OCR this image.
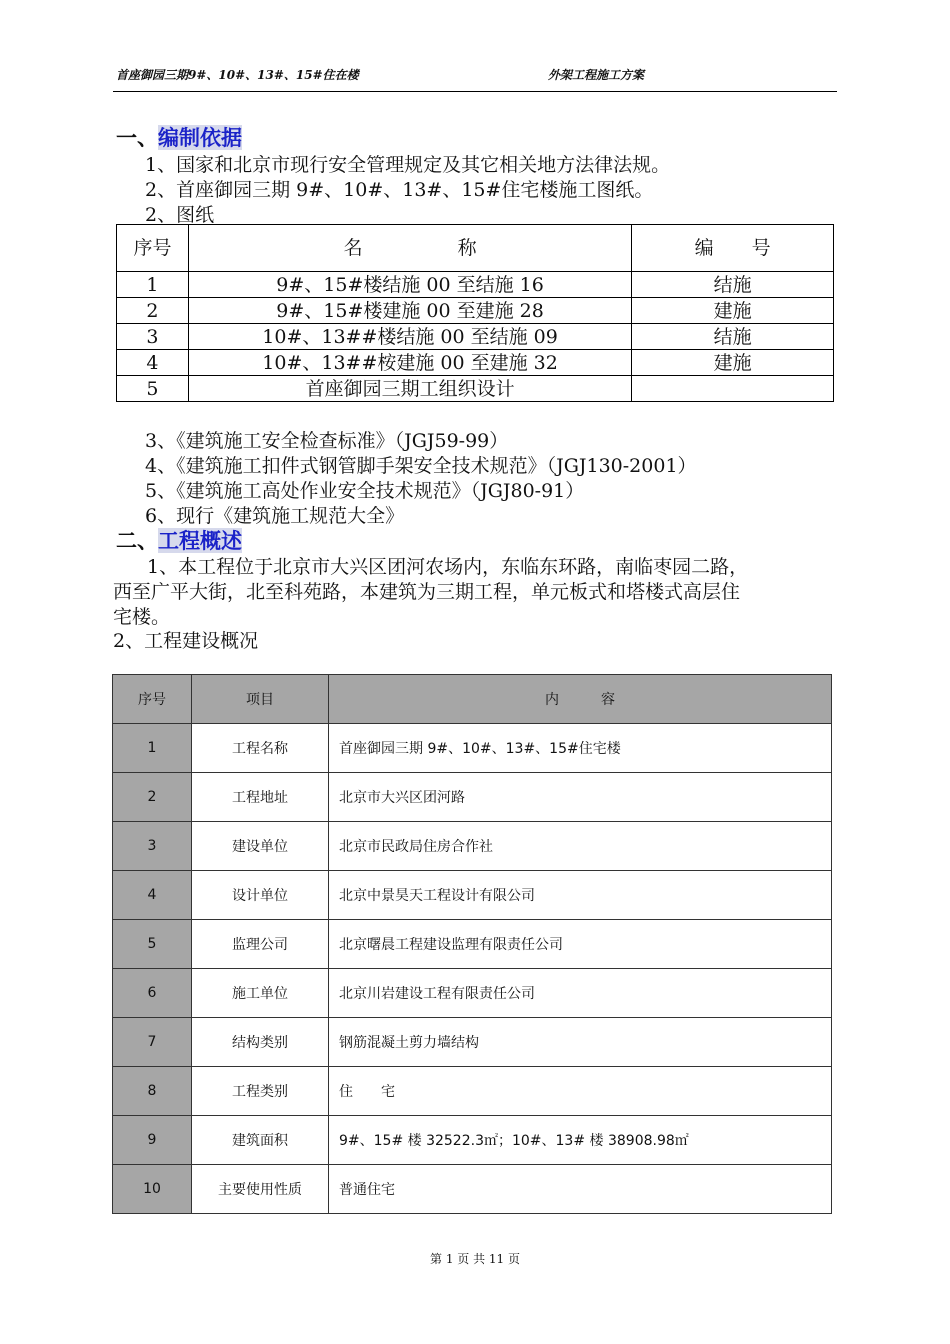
首座御园三期9#、10#、13#、15#住在楼	外架工程施工方案
一、编制依据
1、国家和北京市现行安全管理规定及其它相关地方法律法规。
2、首座御园三期 9#、10#、13#、15#住宅楼施工图纸。
2、图纸
序号	名　　　　　称	编　　号
1	9#、15#楼结施 00 至结施 16	结施
2	9#、15#楼建施 00 至建施 28	建施
3	10#、13##楼结施 00 至结施 09	结施
4	10#、13##桉建施 00 至建施 32	建施
5	首座御园三期工组织设计	
3、《建筑施工安全检查标准》（JGJ59-99）
4、《建筑施工扣件式钢管脚手架安全技术规范》（JGJ130-2001）
5、《建筑施工高处作业安全技术规范》（JGJ80-91）
6、现行《建筑施工规范大全》
二、工程概述
1、本工程位于北京市大兴区团河农场内，东临东环路，南临枣园二路，
西至广平大街，北至科苑路，本建筑为三期工程，单元板式和塔楼式高层住
宅楼。
2、工程建设概况
序号	项目	内　　　容
1	工程名称	首座御园三期 9#、10#、13#、15#住宅楼
2	工程地址	北京市大兴区团河路
3	建设单位	北京市民政局住房合作社
4	设计单位	北京中景昊天工程设计有限公司
5	监理公司	北京曙晨工程建设监理有限责任公司
6	施工单位	北京川岩建设工程有限责任公司
7	结构类别	钢筋混凝土剪力墙结构
8	工程类别	住　　宅
9	建筑面积	9#、15# 楼 32522.3㎡；10#、13# 楼 38908.98㎡
10	主要使用性质	普通住宅
第 1 页 共 11 页
